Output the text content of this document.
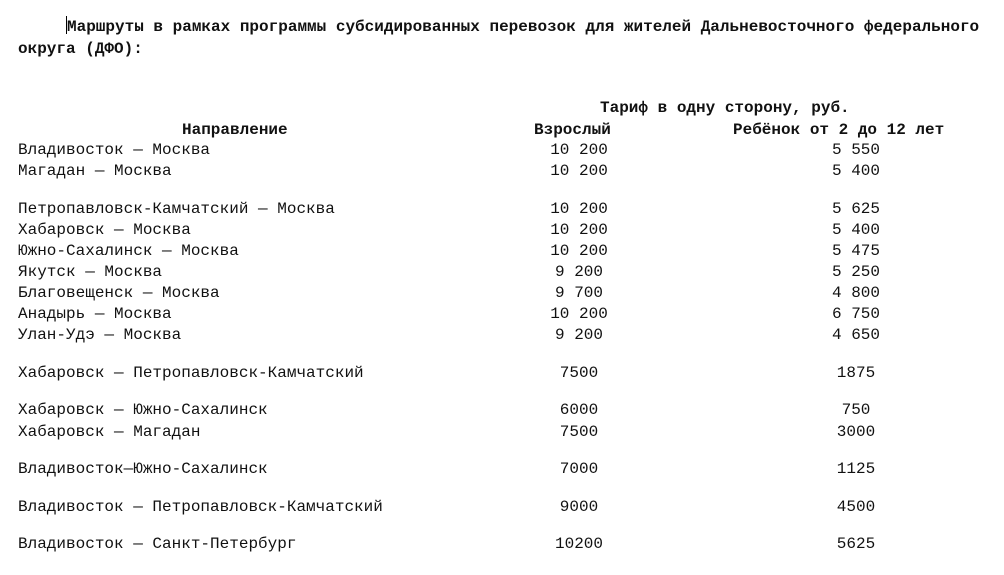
Маршруты в рамках программы субсидированных перевозок для жителей Дальневосточного федерального округа (ДФО):
Тариф в одну сторону, руб.
Направление	Взрослый	Ребёнок от 2 до 12 лет
Владивосток — Москва	10 200	5 550
Магадан — Москва	10 200	5 400
Петропавловск-Камчатский — Москва	10 200	5 625
Хабаровск — Москва	10 200	5 400
Южно-Сахалинск — Москва	10 200	5 475
Якутск — Москва	9 200	5 250
Благовещенск — Москва	9 700	4 800
Анадырь — Москва	10 200	6 750
Улан-Удэ — Москва	9 200	4 650
Хабаровск — Петропавловск-Камчатский	7500	1875
Хабаровск — Южно-Сахалинск	6000	750
Хабаровск — Магадан	7500	3000
Владивосток—Южно-Сахалинск	7000	1125
Владивосток — Петропавловск-Камчатский	9000	4500
Владивосток — Санкт-Петербург	10200	5625
